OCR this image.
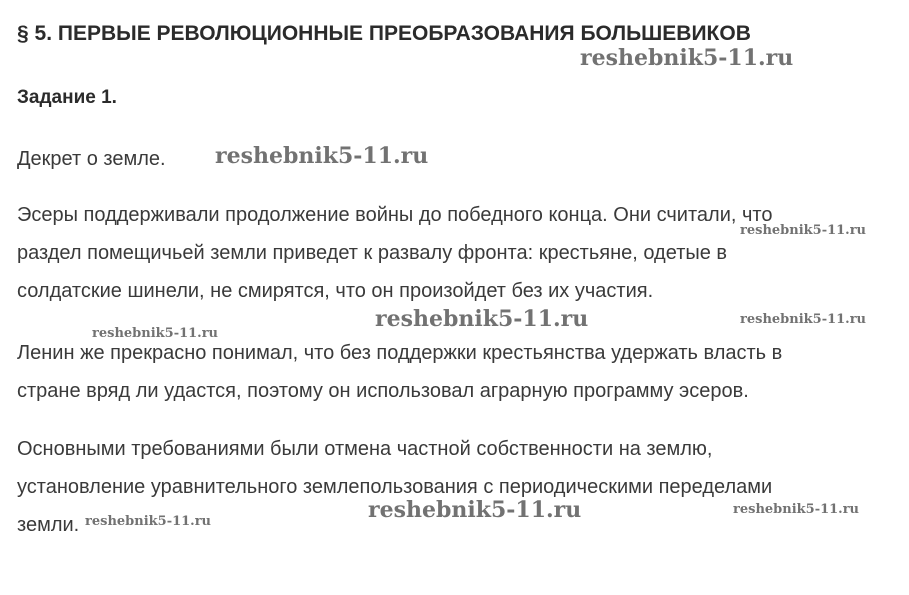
§ 5. ПЕРВЫЕ РЕВОЛЮЦИОННЫЕ ПРЕОБРАЗОВАНИЯ БОЛЬШЕВИКОВ
Задание 1.

Декрет о земле.

Эсеры поддерживали продолжение войны до победного конца. Они считали, что
раздел помещичьей земли приведет к развалу фронта: крестьяне, одетые в
солдатские шинели, не смирятся, что он произойдет без их участия.
Ленин же прекрасно понимал, что без поддержки крестьянства удержать власть в
стране вряд ли удастся, поэтому он использовал аграрную программу эсеров.
Основными требованиями были отмена частной собственности на землю,
установление уравнительного землепользования с периодическими переделами
земли.
reshebnik5-11.ru
reshebnik5-11.ru
reshebnik5-11.ru
reshebnik5-11.ru	reshebnik5-11.ru
reshebnik5-11.ru
reshebnik5-11.ru	reshebnik5-11.ru
reshebnik5-11.ru
